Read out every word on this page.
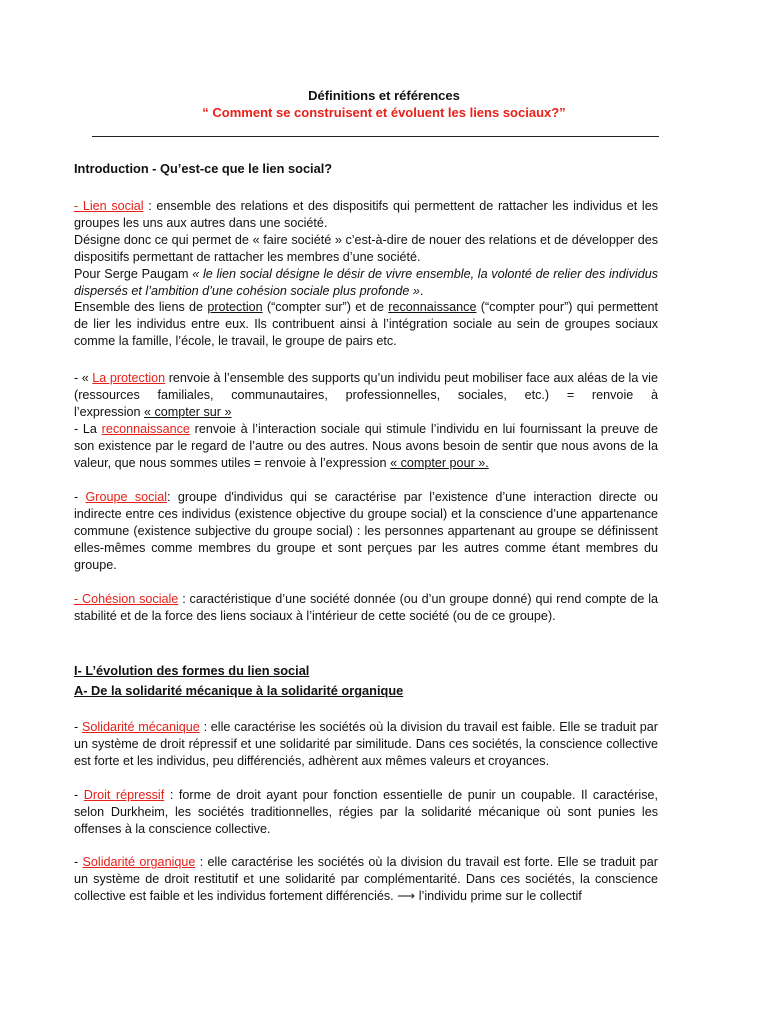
Définitions et références
“ Comment se construisent et évoluent les liens sociaux?”
Introduction - Qu’est-ce que le lien social?
- Lien social : ensemble des relations et des dispositifs qui permettent de rattacher les individus et les groupes les uns aux autres dans une société.
Désigne donc ce qui permet de « faire société » c’est-à-dire de nouer des relations et de développer des dispositifs permettant de rattacher les membres d’une société.
Pour Serge Paugam « le lien social désigne le désir de vivre ensemble, la volonté de relier des individus dispersés et l’ambition d’une cohésion sociale plus profonde ».
Ensemble des liens de protection (“compter sur”) et de reconnaissance (“compter pour”) qui permettent de lier les individus entre eux. Ils contribuent ainsi à l’intégration sociale au sein de groupes sociaux comme la famille, l’école, le travail, le groupe de pairs etc.
- « La protection renvoie à l’ensemble des supports qu’un individu peut mobiliser face aux aléas de la vie (ressources familiales, communautaires, professionnelles, sociales, etc.) = renvoie à
l’expression « compter sur »
- La reconnaissance renvoie à l’interaction sociale qui stimule l’individu en lui fournissant la preuve de son existence par le regard de l’autre ou des autres. Nous avons besoin de sentir que nous avons de la valeur, que nous sommes utiles = renvoie à l’expression « compter pour ».
- Groupe social: groupe d'individus qui se caractérise par l’existence d’une interaction directe ou indirecte entre ces individus (existence objective du groupe social) et la conscience d’une appartenance commune (existence subjective du groupe social) : les personnes appartenant au groupe se définissent elles-mêmes comme membres du groupe et sont perçues par les autres comme étant membres du groupe.
- Cohésion sociale : caractéristique d’une société donnée (ou d’un groupe donné) qui rend compte de la stabilité et de la force des liens sociaux à l’intérieur de cette société (ou de ce groupe).
I- L’évolution des formes du lien social
A- De la solidarité mécanique à la solidarité organique
- Solidarité mécanique : elle caractérise les sociétés où la division du travail est faible. Elle se traduit par un système de droit répressif et une solidarité par similitude. Dans ces sociétés, la conscience collective est forte et les individus, peu différenciés, adhèrent aux mêmes valeurs et croyances.
- Droit répressif : forme de droit ayant pour fonction essentielle de punir un coupable. Il caractérise, selon Durkheim, les sociétés traditionnelles, régies par la solidarité mécanique où sont punies les offenses à la conscience collective.
- Solidarité organique : elle caractérise les sociétés où la division du travail est forte. Elle se traduit par un système de droit restitutif et une solidarité par complémentarité. Dans ces sociétés, la conscience collective est faible et les individus fortement différenciés. ⟶ l’individu prime sur le collectif
